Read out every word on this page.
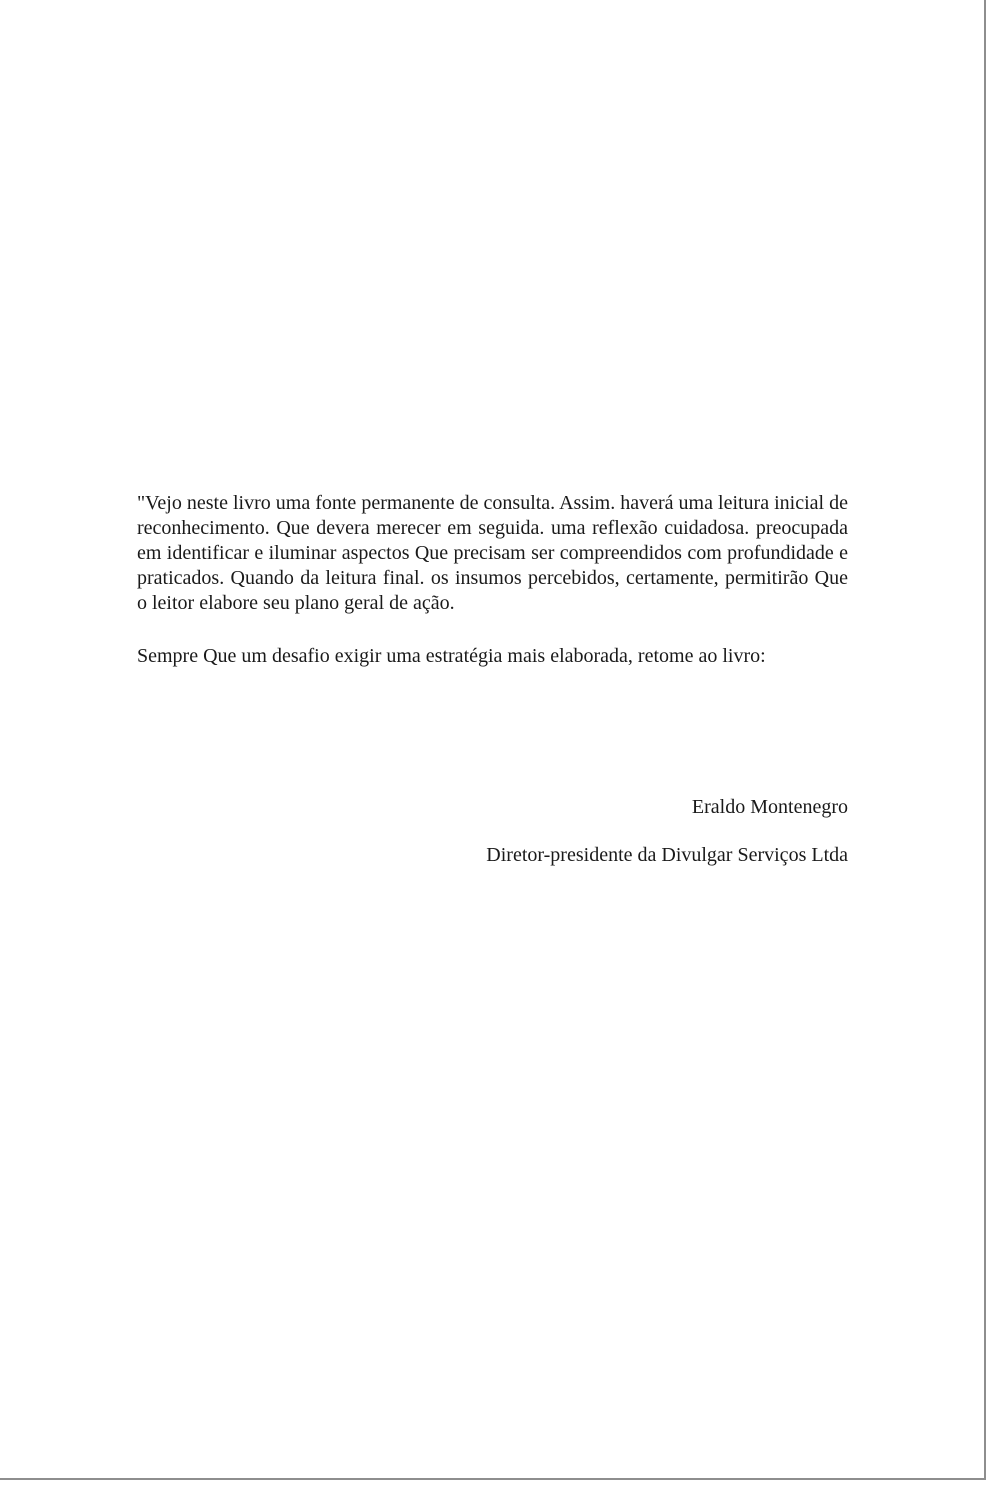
"Vejo neste livro uma fonte permanente de consulta. Assim. haverá uma leitura inicial de reconhecimento. Que devera merecer em seguida. uma reflexão cuidadosa. preocupada em identificar e iluminar aspectos Que precisam ser compreendidos com profundidade e praticados. Quando da leitura final. os insumos percebidos, certamente, permitirão Que o leitor elabore seu plano geral de ação.

Sempre Que um desafio exigir uma estratégia mais elaborada, retome ao livro:

Eraldo Montenegro

Diretor-presidente da Divulgar Serviços Ltda
